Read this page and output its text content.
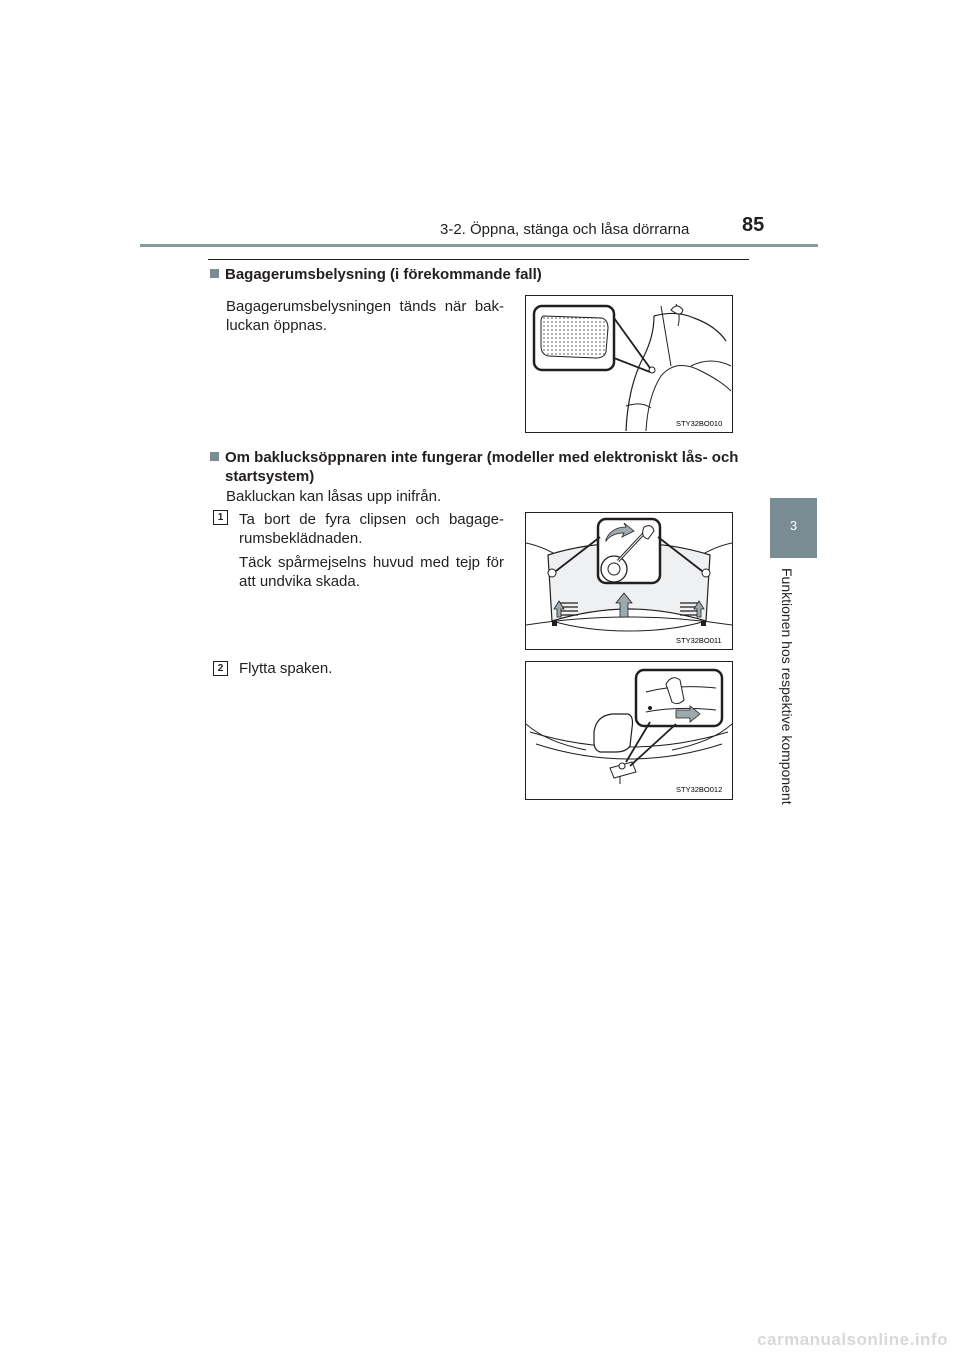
3-2. Öppna, stänga och låsa dörrarna	85
3
Funktionen hos respektive komponent
Bagagerumsbelysning (i förekommande fall)
Bagagerumsbelysningen tänds när bak-
luckan öppnas.
STY32BO010
Om baklucksöppnaren inte fungerar (modeller med elektroniskt lås- och
startsystem)
Bakluckan kan låsas upp inifrån.
1	Ta bort de fyra clipsen och bagage-
rumsbeklädnaden.
Täck spårmejselns huvud med tejp för
att undvika skada.
STY32BO011
2	Flytta spaken.
STY32BO012
carmanualsonline.info
